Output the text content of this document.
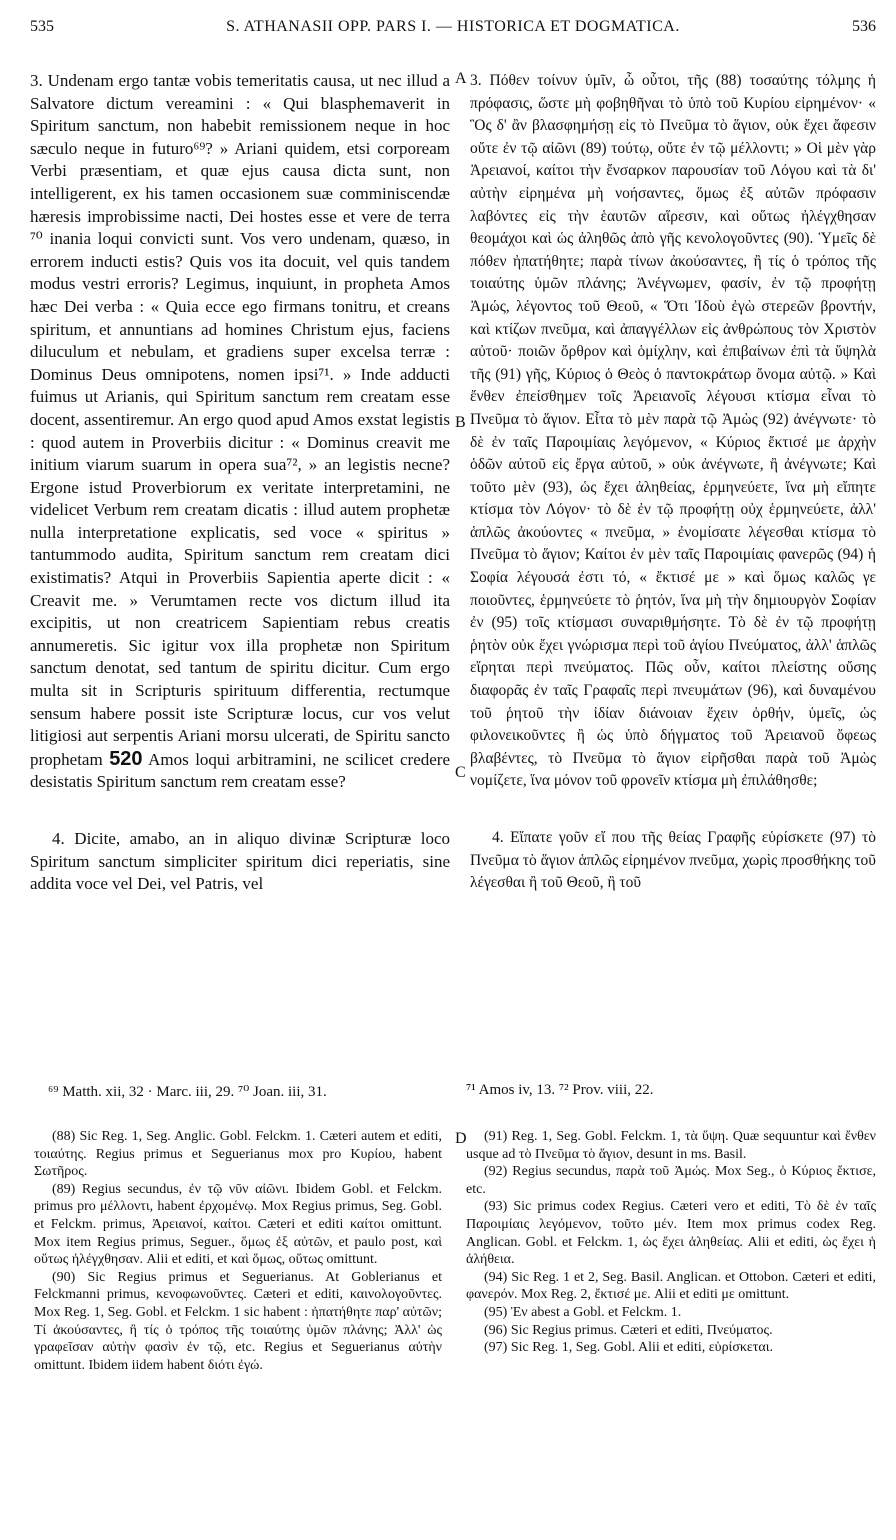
535	S. ATHANASII OPP. PARS I. — HISTORICA ET DOGMATICA.	536

3. Undenam ergo tantæ vobis temeritatis causa, ut nec illud a Salvatore dictum vereamini : « Qui blasphemaverit in Spiritum sanctum, non habebit remissionem neque in hoc sæculo neque in futuro⁶⁹? » Ariani quidem, etsi corpoream Verbi præsentiam, et quæ ejus causa dicta sunt, non intelligerent, ex his tamen occasionem suæ comminiscendæ hæresis improbissime nacti, Dei hostes esse et vere de terra ⁷⁰ inania loqui convicti sunt. Vos vero undenam, quæso, in errorem inducti estis? Quis vos ita docuit, vel quis tandem modus vestri erroris? Legimus, inquiunt, in propheta Amos hæc Dei verba : « Quia ecce ego firmans tonitru, et creans spiritum, et annuntians ad homines Christum ejus, faciens diluculum et nebulam, et gradiens super excelsa terræ : Dominus Deus omnipotens, nomen ipsi⁷¹. » Inde adducti fuimus ut Arianis, qui Spiritum sanctum rem creatam esse docent, assentiremur. An ergo quod apud Amos exstat legistis : quod autem in Proverbiis dicitur : « Dominus creavit me initium viarum suarum in opera sua⁷², » an legistis necne? Ergone istud Proverbiorum ex veritate interpretamini, ne videlicet Verbum rem creatam dicatis : illud autem prophetæ nulla interpretatione explicatis, sed voce « spiritus » tantummodo audita, Spiritum sanctum rem creatam dici existimatis? Atqui in Proverbiis Sapientia aperte dicit : « Creavit me. » Verumtamen recte vos dictum illud ita excipitis, ut non creatricem Sapientiam rebus creatis annumeretis. Sic igitur vox illa prophetæ non Spiritum sanctum denotat, sed tantum de spiritu dicitur. Cum ergo multa sit in Scripturis spirituum differentia, rectumque sensum habere possit iste Scripturæ locus, cur vos velut litigiosi aut serpentis Ariani morsu ulcerati, de Spiritu sancto prophetam 520 Amos loqui arbitramini, ne scilicet credere desistatis Spiritum sanctum rem creatam esse?

4. Dicite, amabo, an in aliquo divinæ Scripturæ loco Spiritum sanctum simpliciter spiritum dici reperiatis, sine addita voce vel Dei, vel Patris, vel

3. Πόθεν τοίνυν ὑμῖν, ὦ οὗτοι, τῆς (88) τοσαύτης τόλμης ἡ πρόφασις, ὥστε μὴ φοβηθῆναι τὸ ὑπὸ τοῦ Κυρίου εἰρημένον· « Ὃς δ' ἂν βλασφημήσῃ εἰς τὸ Πνεῦμα τὸ ἅγιον, οὐκ ἔχει ἄφεσιν οὔτε ἐν τῷ αἰῶνι (89) τούτῳ, οὔτε ἐν τῷ μέλλοντι; » Οἱ μὲν γὰρ Ἀρειανοί, καίτοι τὴν ἔνσαρκον παρουσίαν τοῦ Λόγου καὶ τὰ δι' αὐτὴν εἰρημένα μὴ νοήσαντες, ὅμως ἐξ αὐτῶν πρόφασιν λαβόντες εἰς τὴν ἑαυτῶν αἵρεσιν, καὶ οὕτως ἠλέγχθησαν θεομάχοι καὶ ὡς ἀληθῶς ἀπὸ γῆς κενολογοῦντες (90). Ὑμεῖς δὲ πόθεν ἠπατήθητε; παρὰ τίνων ἀκούσαντες, ἢ τίς ὁ τρόπος τῆς τοιαύτης ὑμῶν πλάνης; Ἀνέγνωμεν, φασίν, ἐν τῷ προφήτῃ Ἀμώς, λέγοντος τοῦ Θεοῦ, « Ὅτι Ἰδοὺ ἐγὼ στερεῶν βροντήν, καὶ κτίζων πνεῦμα, καὶ ἀπαγγέλλων εἰς ἀνθρώπους τὸν Χριστὸν αὐτοῦ· ποιῶν ὄρθρον καὶ ὁμίχλην, καὶ ἐπιβαίνων ἐπὶ τὰ ὕψηλὰ τῆς (91) γῆς, Κύριος ὁ Θεὸς ὁ παντοκράτωρ ὄνομα αὐτῷ. » Καὶ ἔνθεν ἐπείσθημεν τοῖς Ἀρειανοῖς λέγουσι κτίσμα εἶναι τὸ Πνεῦμα τὸ ἅγιον. Εἶτα τὸ μὲν παρὰ τῷ Ἀμὼς (92) ἀνέγνωτε· τὸ δὲ ἐν ταῖς Παροιμίαις λεγόμενον, « Κύριος ἔκτισέ με ἀρχὴν ὁδῶν αὐτοῦ εἰς ἔργα αὐτοῦ, » οὐκ ἀνέγνωτε, ἢ ἀνέγνωτε; Καὶ τοῦτο μὲν (93), ὡς ἔχει ἀληθείας, ἑρμηνεύετε, ἵνα μὴ εἴπητε κτίσμα τὸν Λόγον· τὸ δὲ ἐν τῷ προφήτῃ οὐχ ἑρμηνεύετε, ἀλλ' ἁπλῶς ἀκούοντες « πνεῦμα, » ἐνομίσατε λέγεσθαι κτίσμα τὸ Πνεῦμα τὸ ἅγιον; Καίτοι ἐν μὲν ταῖς Παροιμίαις φανερῶς (94) ἡ Σοφία λέγουσά ἐστι τό, « ἔκτισέ με » καὶ ὅμως καλῶς γε ποιοῦντες, ἑρμηνεύετε τὸ ῥητόν, ἵνα μὴ τὴν δημιουργὸν Σοφίαν ἐν (95) τοῖς κτίσμασι συναριθμήσητε. Τὸ δὲ ἐν τῷ προφήτῃ ῥητὸν οὐκ ἔχει γνώρισμα περὶ τοῦ ἁγίου Πνεύματος, ἀλλ' ἁπλῶς εἴρηται περὶ πνεύματος. Πῶς οὖν, καίτοι πλείστης οὔσης διαφορᾶς ἐν ταῖς Γραφαῖς περὶ πνευμάτων (96), καὶ δυναμένου τοῦ ῥητοῦ τὴν ἰδίαν διάνοιαν ἔχειν ὀρθήν, ὑμεῖς, ὡς φιλονεικοῦντες ἢ ὡς ὑπὸ δήγματος τοῦ Ἀρειανοῦ ὄφεως βλαβέντες, τὸ Πνεῦμα τὸ ἅγιον εἰρῆσθαι παρὰ τοῦ Ἀμὼς νομίζετε, ἵνα μόνον τοῦ φρονεῖν κτίσμα μὴ ἐπιλάθησθε;

4. Εἴπατε γοῦν εἴ που τῆς θείας Γραφῆς εὑρίσκετε (97) τὸ Πνεῦμα τὸ ἅγιον ἁπλῶς εἰρημένον πνεῦμα, χωρὶς προσθήκης τοῦ λέγεσθαι ἢ τοῦ Θεοῦ, ἢ τοῦ

A
B
C
D
⁶⁹ Matth. xii, 32 · Marc. iii, 29. ⁷⁰ Joan. iii, 31.	⁷¹ Amos iv, 13. ⁷² Prov. viii, 22.

(88) Sic Reg. 1, Seg. Anglic. Gobl. Felckm. 1. Cæteri autem et editi, τοιαύτης. Regius primus et Seguerianus mox pro Κυρίου, habent Σωτῆρος.

(89) Regius secundus, ἐν τῷ νῦν αἰῶνι. Ibidem Gobl. et Felckm. primus pro μέλλοντι, habent ἐρχομένῳ. Mox Regius primus, Seg. Gobl. et Felckm. primus, Ἀρειανοί, καίτοι. Cæteri et editi καίτοι omittunt. Mox item Regius primus, Seguer., ὅμως ἐξ αὐτῶν, et paulo post, καὶ οὕτως ἠλέγχθησαν. Alii et editi, et καὶ ὅμως, οὕτως omittunt.

(90) Sic Regius primus et Seguerianus. At Goblerianus et Felckmanni primus, κενοφωνοῦντες. Cæteri et editi, καινολογοῦντες. Mox Reg. 1, Seg. Gobl. et Felckm. 1 sic habent : ἠπατήθητε παρ' αὐτῶν; Τί ἀκούσαντες, ἢ τίς ὁ τρόπος τῆς τοιαύτης ὑμῶν πλάνης; Ἀλλ' ὡς γραφεῖσαν αὐτὴν φασὶν ἐν τῷ, etc. Regius et Seguerianus αὐτὴν omittunt. Ibidem iidem habent διότι ἐγώ.

(91) Reg. 1, Seg. Gobl. Felckm. 1, τὰ ὕψη. Quæ sequuntur καὶ ἔνθεν usque ad τὸ Πνεῦμα τὸ ἅγιον, desunt in ms. Basil.

(92) Regius secundus, παρὰ τοῦ Ἀμώς. Mox Seg., ὁ Κύριος ἔκτισε, etc.

(93) Sic primus codex Regius. Cæteri vero et editi, Τὸ δὲ ἐν ταῖς Παροιμίαις λεγόμενον, τοῦτο μέν. Item mox primus codex Reg. Anglican. Gobl. et Felckm. 1, ὡς ἔχει ἀληθείας. Alii et editi, ὡς ἔχει ἡ ἀλήθεια.

(94) Sic Reg. 1 et 2, Seg. Basil. Anglican. et Ottobon. Cæteri et editi, φανερόν. Mox Reg. 2, ἔκτισέ με. Alii et editi με omittunt.

(95) Ἐν abest a Gobl. et Felckm. 1.

(96) Sic Regius primus. Cæteri et editi, Πνεύματος.

(97) Sic Reg. 1, Seg. Gobl. Alii et editi, εὑρίσκεται.
